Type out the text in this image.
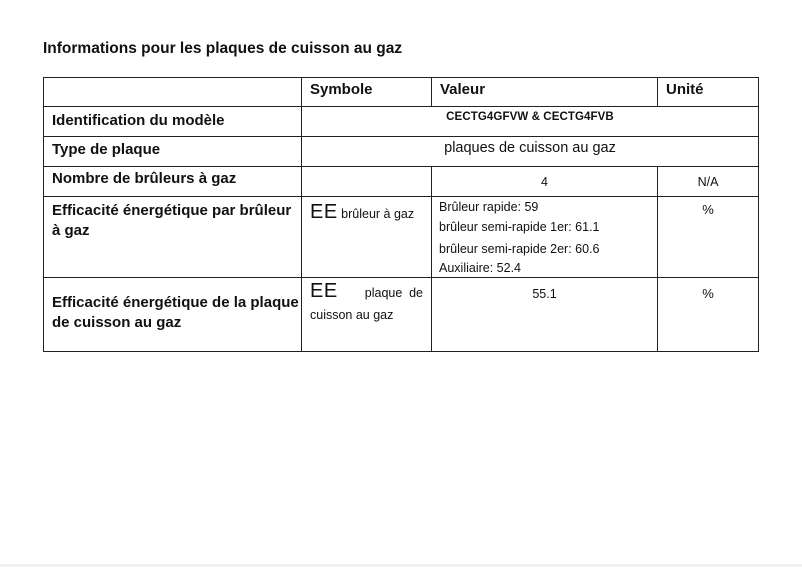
Informations pour les plaques de cuisson au gaz

	Symbole	Valeur	Unité

Identification du modèle	CECTG4GFVW & CECTG4FVB		

Type de plaque	plaques de cuisson au gaz		

Nombre de brûleurs à gaz		4	N/A

Efficacité énergétique par brûleur à gaz	EE brûleur à gaz	Brûleur rapide: 59
brûleur semi-rapide 1er: 61.1
brûleur semi-rapide 2er: 60.6
Auxiliaire: 52.4	%

Efficacité énergétique de la plaque de cuisson au gaz	EE plaque de cuisson au gaz	55.1	%
